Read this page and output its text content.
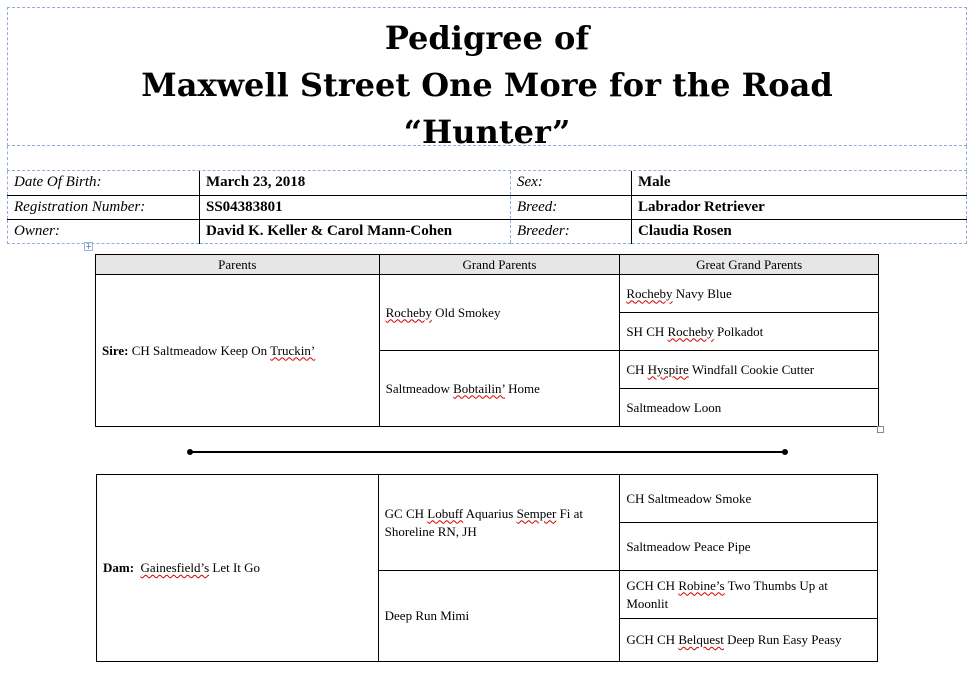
Pedigree of
Maxwell Street One More for the Road
“Hunter”
Date Of Birth:	March 23, 2018	Sex:	Male
Registration Number:	SS04383801	Breed:	Labrador Retriever
Owner:	David K. Keller & Carol Mann-Cohen	Breeder:	Claudia Rosen
+
Parents	Grand Parents	Great Grand Parents
Sire: CH Saltmeadow Keep On Truckin’	Rocheby Old Smokey	Rocheby Navy Blue
		SH CH Rocheby Polkadot
	Saltmeadow Bobtailin’ Home	CH Hyspire Windfall Cookie Cutter
		Saltmeadow Loon
Dam: Gainesfield’s Let It Go	GC CH Lobuff Aquarius Semper Fi at Shoreline RN, JH	CH Saltmeadow Smoke
		Saltmeadow Peace Pipe
	Deep Run Mimi	GCH CH Robine’s Two Thumbs Up at Moonlit
		GCH CH Belquest Deep Run Easy Peasy
